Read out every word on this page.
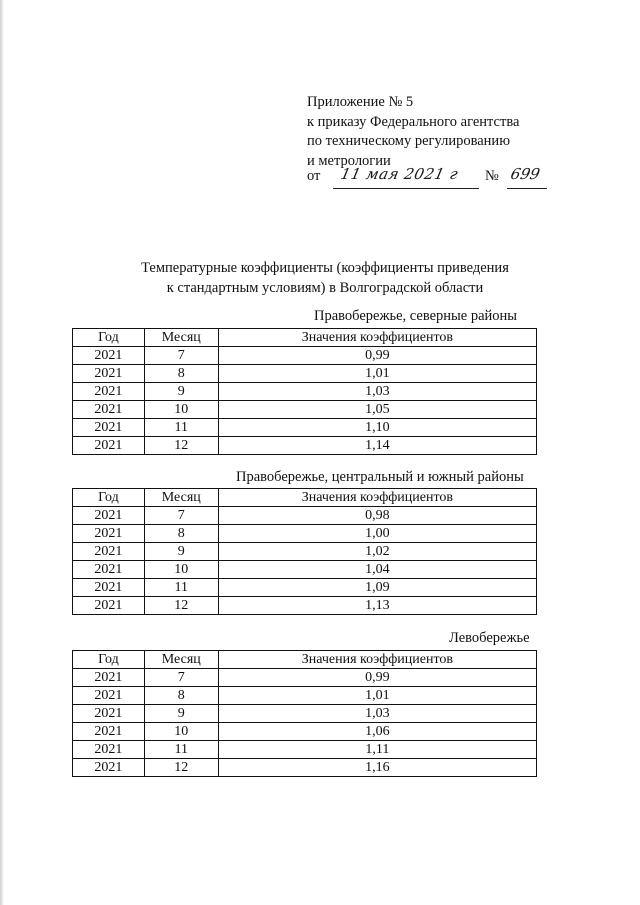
Приложение № 5
к приказу Федерального агентства
по техническому регулированию
и метрологии
от 11 мая 2021 г № 699
Температурные коэффициенты (коэффициенты приведения
к стандартным условиям) в Волгоградской области
Правобережье, северные районы
Год	Месяц	Значения коэффициентов
2021	7	0,99
2021	8	1,01
2021	9	1,03
2021	10	1,05
2021	11	1,10
2021	12	1,14
Правобережье, центральный и южный районы
Год	Месяц	Значения коэффициентов
2021	7	0,98
2021	8	1,00
2021	9	1,02
2021	10	1,04
2021	11	1,09
2021	12	1,13
Левобережье
Год	Месяц	Значения коэффициентов
2021	7	0,99
2021	8	1,01
2021	9	1,03
2021	10	1,06
2021	11	1,11
2021	12	1,16
